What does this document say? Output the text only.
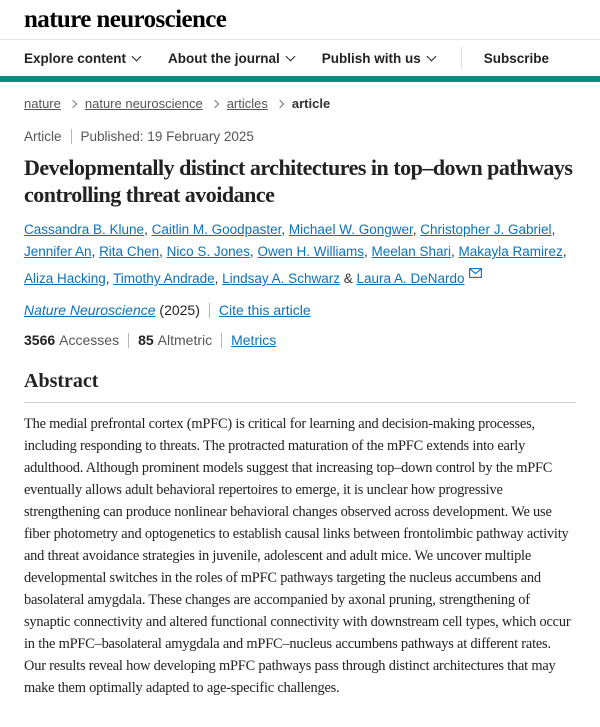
nature neuroscience
Explore content	About the journal	Publish with us	Subscribe
nature nature neuroscience articles article
Article Published: 19 February 2025
Developmentally distinct architectures in top–down pathways controlling threat avoidance

Cassandra B. Klune, Caitlin M. Goodpaster, Michael W. Gongwer, Christopher J. Gabriel, Jennifer An, Rita Chen, Nico S. Jones, Owen H. Williams, Meelan Shari, Makayla Ramirez, Aliza Hacking, Timothy Andrade, Lindsay A. Schwarz & Laura A. DeNardo

Nature Neuroscience (2025) Cite this article
3566 Accesses 85 Altmetric Metrics
Abstract

The medial prefrontal cortex (mPFC) is critical for learning and decision-making processes, including responding to threats. The protracted maturation of the mPFC extends into early adulthood. Although prominent models suggest that increasing top–down control by the mPFC eventually allows adult behavioral repertoires to emerge, it is unclear how progressive strengthening can produce nonlinear behavioral changes observed across development. We use fiber photometry and optogenetics to establish causal links between frontolimbic pathway activity and threat avoidance strategies in juvenile, adolescent and adult mice. We uncover multiple developmental switches in the roles of mPFC pathways targeting the nucleus accumbens and basolateral amygdala. These changes are accompanied by axonal pruning, strengthening of synaptic connectivity and altered functional connectivity with downstream cell types, which occur in the mPFC–basolateral amygdala and mPFC–nucleus accumbens pathways at different rates. Our results reveal how developing mPFC pathways pass through distinct architectures that may make them optimally adapted to age-specific challenges.
